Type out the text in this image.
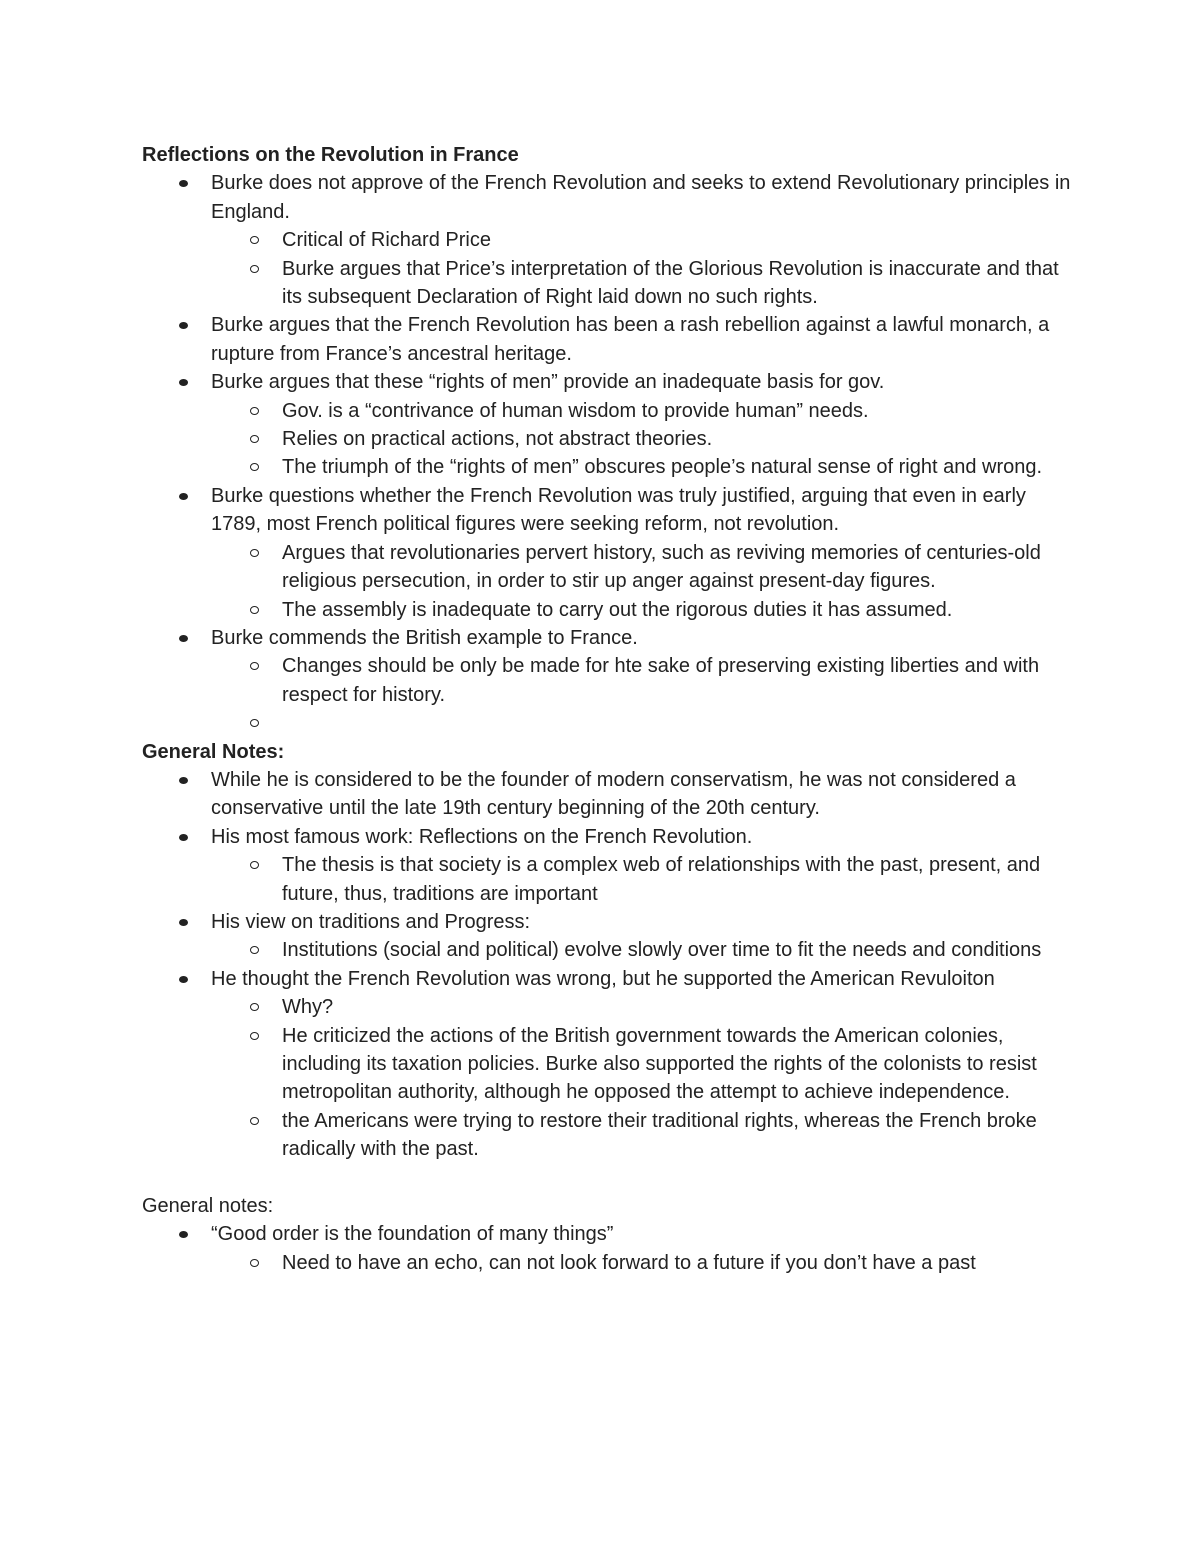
Reflections on the Revolution in France

Burke does not approve of the French Revolution and seeks to extend Revolutionary principles in England.
Critical of Richard Price
Burke argues that Price’s interpretation of the Glorious Revolution is inaccurate and that its subsequent Declaration of Right laid down no such rights.
Burke argues that the French Revolution has been a rash rebellion against a lawful monarch, a rupture from France’s ancestral heritage.
Burke argues that these “rights of men” provide an inadequate basis for gov.
Gov. is a “contrivance of human wisdom to provide human” needs.
Relies on practical actions, not abstract theories.
The triumph of the “rights of men” obscures people’s natural sense of right and wrong.
Burke questions whether the French Revolution was truly justified, arguing that even in early 1789, most French political figures were seeking reform, not revolution.
Argues that revolutionaries pervert history, such as reviving memories of centuries-old religious persecution, in order to stir up anger against present-day figures.
The assembly is inadequate to carry out the rigorous duties it has assumed.
Burke commends the British example to France.
Changes should be only be made for hte sake of preserving existing liberties and with respect for history.

General Notes:

While he is considered to be the founder of modern conservatism, he was not considered a conservative until the late 19th century beginning of the 20th century.
His most famous work: Reflections on the French Revolution.
The thesis is that society is a complex web of relationships with the past, present, and future, thus, traditions are important
His view on traditions and Progress:
Institutions (social and political) evolve slowly over time to fit the needs and conditions
He thought the French Revolution was wrong, but he supported the American Revuloiton
Why?
He criticized the actions of the British government towards the American colonies, including its taxation policies. Burke also supported the rights of the colonists to resist metropolitan authority, although he opposed the attempt to achieve independence.
the Americans were trying to restore their traditional rights, whereas the French broke radically with the past.

General notes:

“Good order is the foundation of many things”
Need to have an echo, can not look forward to a future if you don’t have a past
